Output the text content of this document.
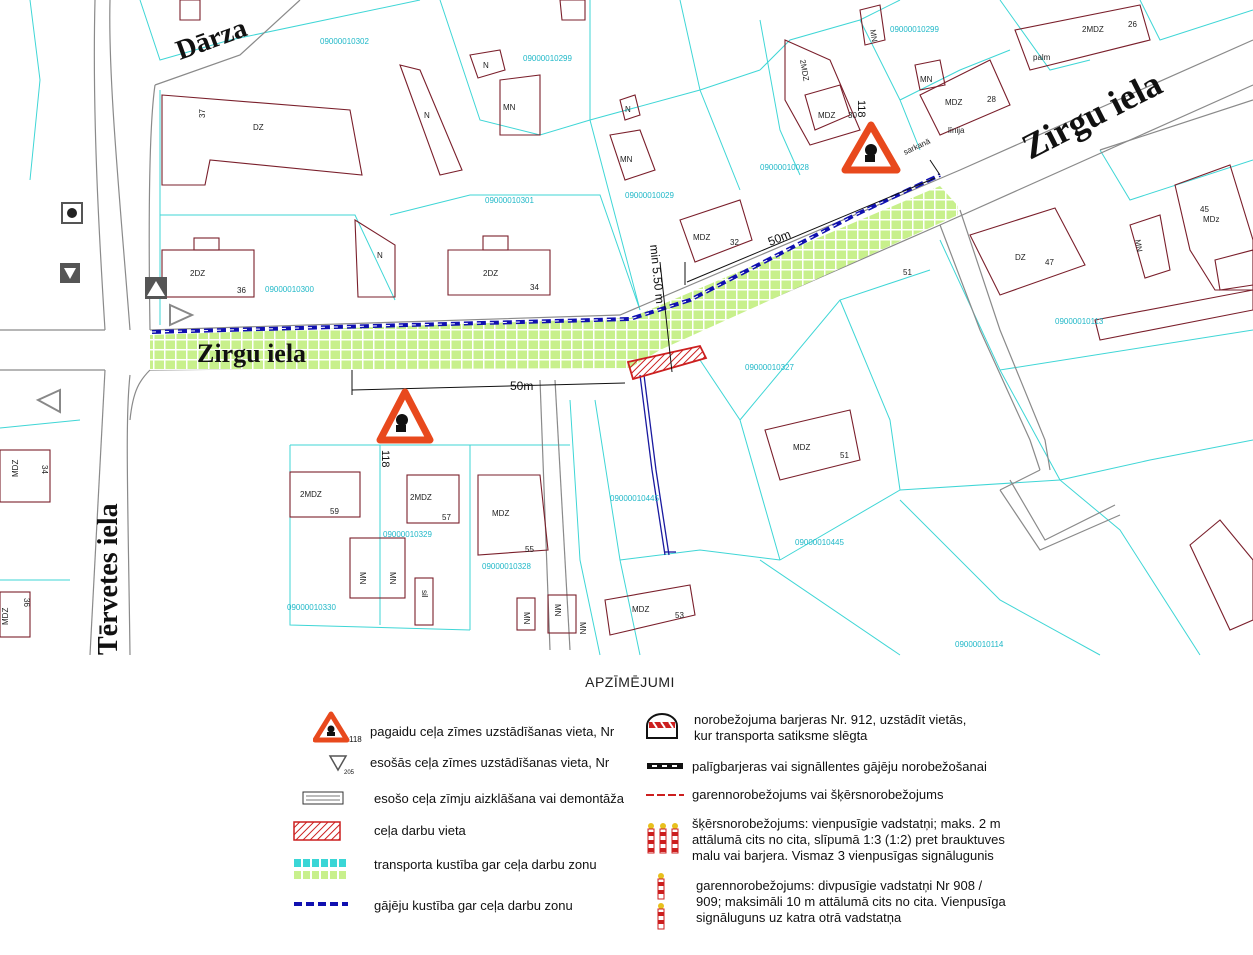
Zirgu iela
Zirgu iela
Tērvetes iela
Dārza
50m
50m
min 5.50 m
118
118
DZ
37
2DZ
36
N
2DZ
34
N
N
MN
MN
N
MDZ
32
MDZ 30
2MDZ
MDZ	28
MN
2MDZ
26
palm
DZ
47
MN
MDz
45
MDZ
51
51
MDZ
53
2MDZ
59
2MDZ
57	MDZ
55
MN	MN
sil
MN
MN
MDZ	34
MDZ
36
MN
MN
sarkanā
līnija
09000010302
09000010299
09000010299
09000010301
09000010300
09000010029
09000010028
09000010113
09000010327
09000010329
09000010328
09000010330
09000010445
09000010445
09000010114
APZĪMĒJUMI
118
pagaidu ceļa zīmes uzstādīšanas vieta, Nr
205
esošās ceļa zīmes uzstādīšanas vieta, Nr
esošo ceļa zīmju aizklāšana vai demontāža
ceļa darbu vieta
transporta kustība gar ceļa darbu zonu
gājēju kustība gar ceļa darbu zonu
norobežojuma barjeras Nr. 912, uzstādīt vietās,
kur transporta satiksme slēgta
palīgbarjeras vai signāllentes gājēju norobežošanai
garennorobežojums vai šķērsnorobežojums
šķērsnorobežojums: vienpusīgie vadstatņi; maks. 2 m
attālumā cits no cita, slīpumā 1:3 (1:2) pret brauktuves
malu vai barjera. Vismaz 3 vienpusīgas signālugunis
garennorobežojums: divpusīgie vadstatņi Nr 908 /
909; maksimāli 10 m attālumā cits no cita. Vienpusīga
signāluguns uz katra otrā vadstatņa
